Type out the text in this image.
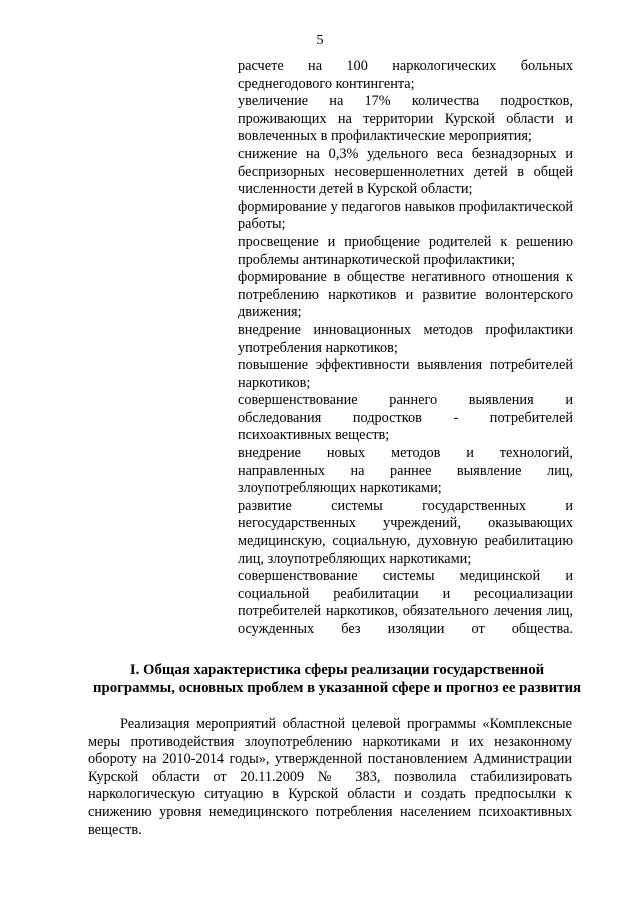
5
расчете на 100 наркологических больных среднегодового контингента;
увеличение на 17% количества подростков, проживающих на территории Курской области и вовлеченных в профилактические мероприятия;
снижение на 0,3% удельного веса безнадзорных и беспризорных несовершеннолетних детей в общей численности детей в Курской области;
формирование у педагогов навыков профилактической работы;
просвещение и приобщение родителей к решению проблемы антинаркотической профилактики;
формирование в обществе негативного отношения к потреблению наркотиков и развитие волонтерского движения;
внедрение инновационных методов профилактики употребления наркотиков;
повышение эффективности выявления потребителей наркотиков;
совершенствование раннего выявления и обследования подростков - потребителей психоактивных веществ;
внедрение новых методов и технологий, направленных на раннее выявление лиц, злоупотребляющих наркотиками;
развитие системы государственных и негосударственных учреждений, оказывающих медицинскую, социальную, духовную реабилитацию лиц, злоупотребляющих наркотиками;
совершенствование системы медицинской и социальной реабилитации и ресоциализации потребителей наркотиков, обязательного лечения лиц, осужденных без изоляции от общества.
I. Общая характеристика сферы реализации государственной программы, основных проблем в указанной сфере и прогноз ее развития
Реализация мероприятий областной целевой программы «Комплексные меры противодействия злоупотреблению наркотиками и их незаконному обороту на 2010-2014 годы», утвержденной постановлением Администрации Курской области от 20.11.2009 № 383, позволила стабилизировать наркологическую ситуацию в Курской области и создать предпосылки к снижению уровня немедицинского потребления населением психоактивных веществ.
